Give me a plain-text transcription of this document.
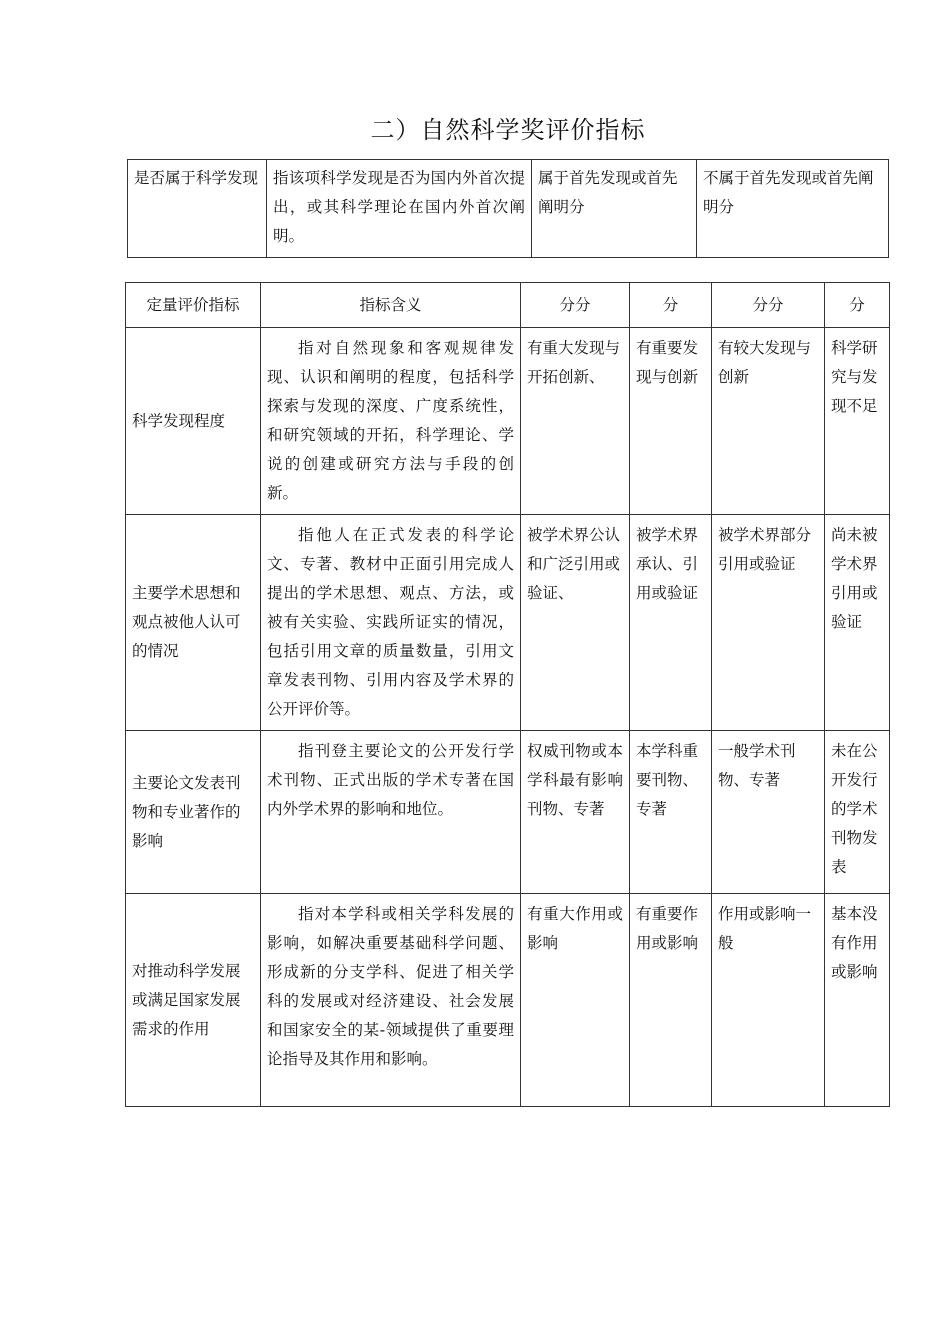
二）自然科学奖评价指标
是否属于科学发现	指该项科学发现是否为国内外首次提出，或其科学理论在国内外首次阐明。	属于首先发现或首先阐明分	不属于首先发现或首先阐明分
定量评价指标	指标含义	分分	分	分分	分
科学发现程度	指对自然现象和客观规律发现、认识和阐明的程度，包括科学探索与发现的深度、广度系统性，和研究领域的开拓，科学理论、学说的创建或研究方法与手段的创新。	有重大发现与开拓创新、	有重要发现与创新	有较大发现与创新	科学研究与发现不足
主要学术思想和观点被他人认可的情况	指他人在正式发表的科学论文、专著、教材中正面引用完成人提出的学术思想、观点、方法，或被有关实验、实践所证实的情况，包括引用文章的质量数量，引用文章发表刊物、引用内容及学术界的公开评价等。	被学术界公认和广泛引用或验证、	被学术界承认、引用或验证	被学术界部分引用或验证	尚未被学术界引用或验证
主要论文发表刊物和专业著作的影响	指刊登主要论文的公开发行学术刊物、正式出版的学术专著在国内外学术界的影响和地位。	权威刊物或本学科最有影响刊物、专著	本学科重要刊物、专著	一般学术刊物、专著	未在公开发行的学术刊物发表
对推动科学发展或满足国家发展需求的作用	指对本学科或相关学科发展的影响，如解决重要基础科学问题、形成新的分支学科、促进了相关学科的发展或对经济建设、社会发展和国家安全的某-领域提供了重要理论指导及其作用和影响。	有重大作用或影响	有重要作用或影响	作用或影响一般	基本没有作用或影响
